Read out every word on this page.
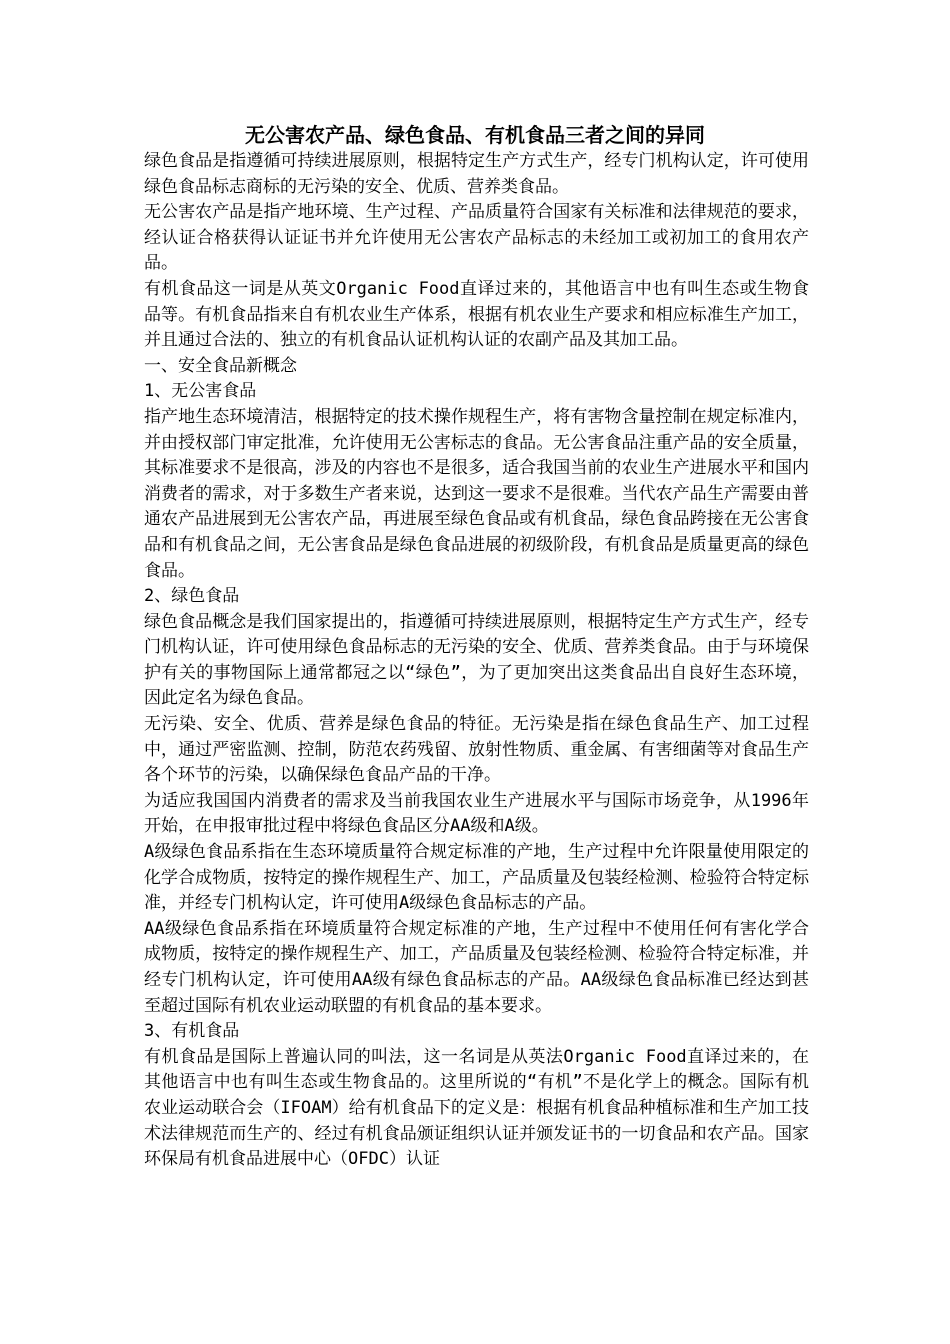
无公害农产品、绿色食品、有机食品三者之间的异同

绿色食品是指遵循可持续进展原则，根据特定生产方式生产，经专门机构认定，许可使用绿色食品标志商标的无污染的安全、优质、营养类食品。

无公害农产品是指产地环境、生产过程、产品质量符合国家有关标准和法律规范的要求，经认证合格获得认证证书并允许使用无公害农产品标志的未经加工或初加工的食用农产品。

有机食品这一词是从英文Organic Food直译过来的，其他语言中也有叫生态或生物食品等。有机食品指来自有机农业生产体系，根据有机农业生产要求和相应标准生产加工，并且通过合法的、独立的有机食品认证机构认证的农副产品及其加工品。

一、安全食品新概念

1、无公害食品

指产地生态环境清洁，根据特定的技术操作规程生产，将有害物含量控制在规定标准内，并由授权部门审定批准，允许使用无公害标志的食品。无公害食品注重产品的安全质量，其标准要求不是很高，涉及的内容也不是很多，适合我国当前的农业生产进展水平和国内消费者的需求，对于多数生产者来说，达到这一要求不是很难。当代农产品生产需要由普通农产品进展到无公害农产品，再进展至绿色食品或有机食品，绿色食品跨接在无公害食品和有机食品之间，无公害食品是绿色食品进展的初级阶段，有机食品是质量更高的绿色食品。

2、绿色食品

绿色食品概念是我们国家提出的，指遵循可持续进展原则，根据特定生产方式生产，经专门机构认证，许可使用绿色食品标志的无污染的安全、优质、营养类食品。由于与环境保护有关的事物国际上通常都冠之以“绿色”，为了更加突出这类食品出自良好生态环境，因此定名为绿色食品。

无污染、安全、优质、营养是绿色食品的特征。无污染是指在绿色食品生产、加工过程中，通过严密监测、控制，防范农药残留、放射性物质、重金属、有害细菌等对食品生产各个环节的污染，以确保绿色食品产品的干净。

为适应我国国内消费者的需求及当前我国农业生产进展水平与国际市场竞争，从1996年开始，在申报审批过程中将绿色食品区分AA级和A级。

A级绿色食品系指在生态环境质量符合规定标准的产地，生产过程中允许限量使用限定的化学合成物质，按特定的操作规程生产、加工，产品质量及包装经检测、检验符合特定标准，并经专门机构认定，许可使用A级绿色食品标志的产品。

AA级绿色食品系指在环境质量符合规定标准的产地，生产过程中不使用任何有害化学合成物质，按特定的操作规程生产、加工，产品质量及包装经检测、检验符合特定标准，并经专门机构认定，许可使用AA级有绿色食品标志的产品。AA级绿色食品标准已经达到甚至超过国际有机农业运动联盟的有机食品的基本要求。

3、有机食品

有机食品是国际上普遍认同的叫法，这一名词是从英法Organic Food直译过来的，在其他语言中也有叫生态或生物食品的。这里所说的“有机”不是化学上的概念。国际有机农业运动联合会（IFOAM）给有机食品下的定义是：根据有机食品种植标准和生产加工技术法律规范而生产的、经过有机食品颁证组织认证并颁发证书的一切食品和农产品。国家环保局有机食品进展中心（OFDC）认证
